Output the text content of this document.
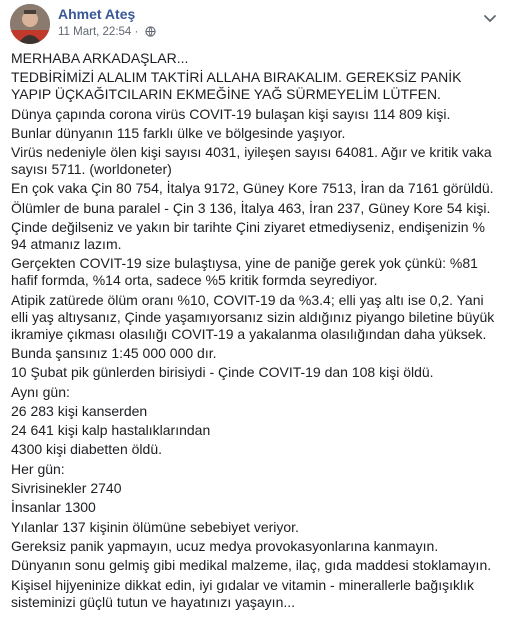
Ahmet Ateş
11 Mart, 22:54 ·

MERHABA ARKADAŞLAR...

TEDBİRİMİZİ ALALIM TAKTİRİ ALLAHA BIRAKALIM. GEREKSİZ PANİK YAPIP ÜÇKAĞITCILARIN EKMEĞİNE YAĞ SÜRMEYELİM LÜTFEN.

Dünya çapında corona virüs COVIT-19 bulaşan kişi sayısı 114 809 kişi.

Bunlar dünyanın 115 farklı ülke ve bölgesinde yaşıyor.

Virüs nedeniyle ölen kişi sayısı 4031, iyileşen sayısı 64081. Ağır ve kritik vaka sayısı 5711. (worldoneter)

En çok vaka Çin 80 754, İtalya 9172, Güney Kore 7513, İran da 7161 görüldü.

Ölümler de buna paralel - Çin 3 136, İtalya 463, İran 237, Güney Kore 54 kişi.

Çinde değilseniz ve yakın bir tarihte Çini ziyaret etmediyseniz, endişenizin % 94 atmanız lazım.

Gerçekten COVIT-19 size bulaştıysa, yine de paniğe gerek yok çünkü: %81 hafif formda, %14 orta, sadece %5 kritik formda seyrediyor.

Atipik zatürede ölüm oranı %10, COVIT-19 da %3.4; elli yaş altı ise 0,2. Yani elli yaş altıysanız, Çinde yaşamıyorsanız sizin aldığınız piyango biletine büyük ikramiye çıkması olasılığı COVIT-19 a yakalanma olasılığından daha yüksek.

Bunda şansınız 1:45 000 000 dır.

10 Şubat pik günlerden birisiydi - Çinde COVIT-19 dan 108 kişi öldü.

Aynı gün:

26 283 kişi kanserden

24 641 kişi kalp hastalıklarından

4300 kişi diabetten öldü.

Her gün:

Sivrisinekler 2740

İnsanlar 1300

Yılanlar 137 kişinin ölümüne sebebiyet veriyor.

Gereksiz panik yapmayın, ucuz medya provokasyonlarına kanmayın.

Dünyanın sonu gelmiş gibi medikal malzeme, ilaç, gıda maddesi stoklamayın.

Kişisel hijyeninize dikkat edin, iyi gıdalar ve vitamin - minerallerle bağışıklık sisteminizi güçlü tutun ve hayatınızı yaşayın...
